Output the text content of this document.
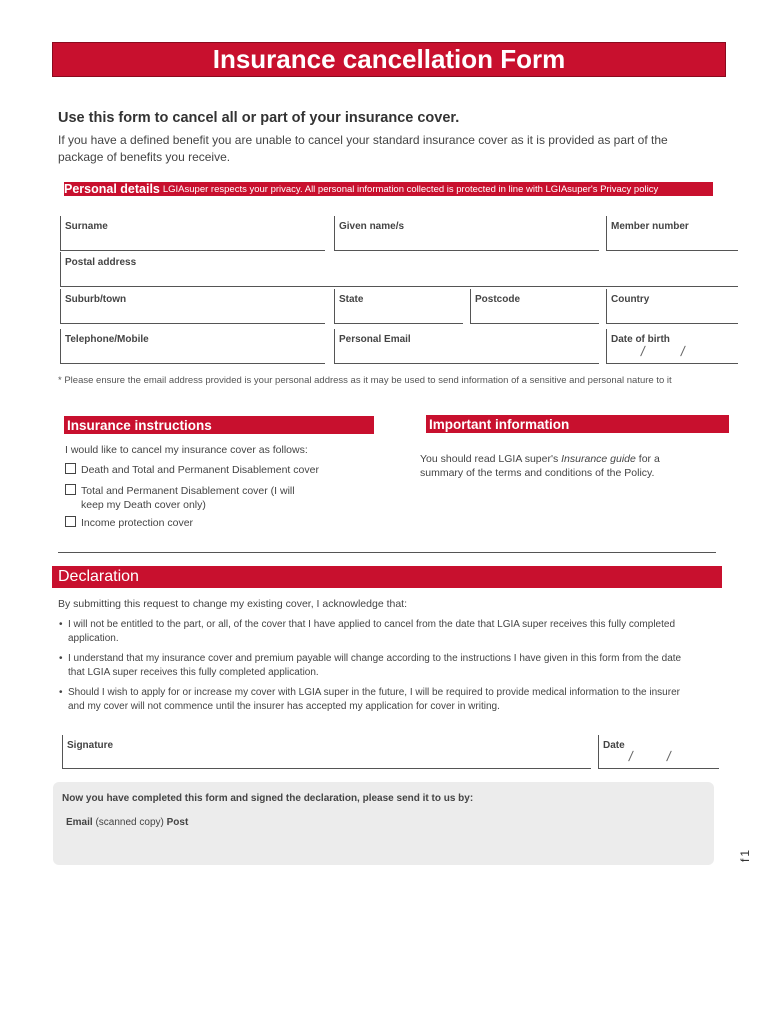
Insurance cancellation Form
Use this form to cancel all or part of your insurance cover.
If you have a defined benefit you are unable to cancel your standard insurance cover as it is provided as part of the package of benefits you receive.
Personal details LGIAsuper respects your privacy. All personal information collected is protected in line with LGIAsuper's Privacy policy
Surname	Given name/s	Member number
Postal address
Suburb/town	State	Postcode	Country
Telephone/Mobile	Personal Email	Date of birth
/ /
* Please ensure the email address provided is your personal address as it may be used to send information of a sensitive and personal nature to it
Insurance instructions
I would like to cancel my insurance cover as follows:
Death and Total and Permanent Disablement cover
Total and Permanent Disablement cover (I will keep my Death cover only)
Income protection cover
Important information
You should read LGIA super's Insurance guide for a summary of the terms and conditions of the Policy.
Declaration
By submitting this request to change my existing cover, I acknowledge that:
• I will not be entitled to the part, or all, of the cover that I have applied to cancel from the date that LGIA super receives this fully completed application.
• I understand that my insurance cover and premium payable will change according to the instructions I have given in this form from the date that LGIA super receives this fully completed application.
• Should I wish to apply for or increase my cover with LGIA super in the future, I will be required to provide medical information to the insurer and my cover will not commence until the insurer has accepted my application for cover in writing.
Signature	Date
/ /
Now you have completed this form and signed the declaration, please send it to us by:
Email (scanned copy) Post
f1
